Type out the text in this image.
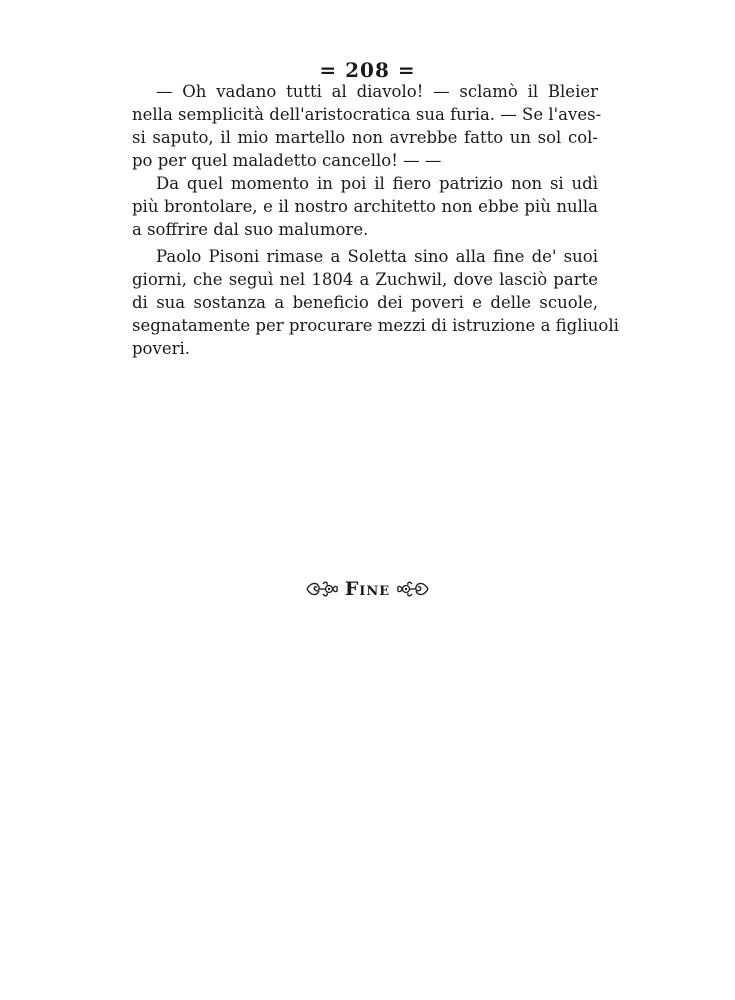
= 208 =
— Oh vadano tutti al diavolo! — sclamò il Bleier
nella semplicità dell'aristocratica sua furia. — Se l'aves-
si saputo, il mio martello non avrebbe fatto un sol col-
po per quel maladetto cancello! — —
Da quel momento in poi il fiero patrizio non si udì
più brontolare, e il nostro architetto non ebbe più nulla
a soffrire dal suo malumore.
Paolo Pisoni rimase a Soletta sino alla fine de' suoi
giorni, che seguì nel 1804 a Zuchwil, dove lasciò parte
di sua sostanza a beneficio dei poveri e delle scuole,
segnatamente per procurare mezzi di istruzione a figliuoli
poveri.
Fine
